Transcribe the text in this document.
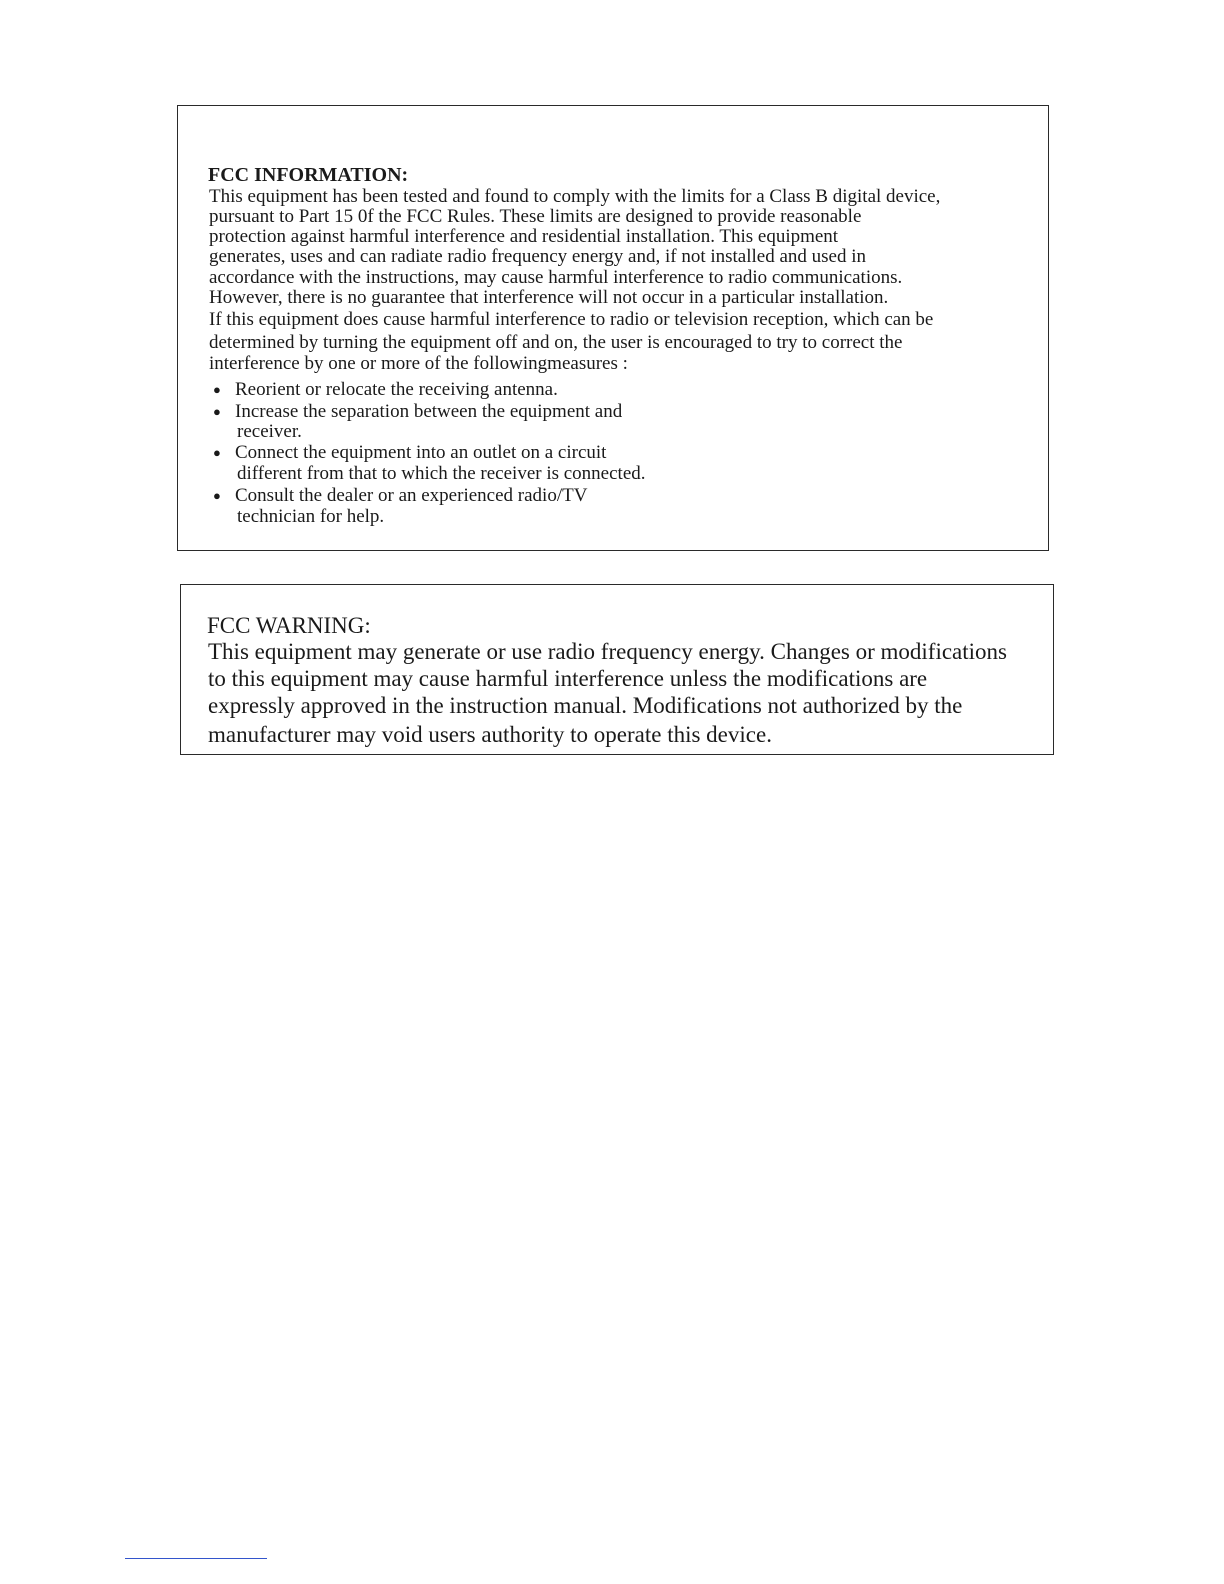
FCC INFORMATION:

This equipment has been tested and found to comply with the limits for a Class B digital device,

pursuant to Part 15 0f the FCC Rules. These limits are designed to provide reasonable

protection against harmful interference and residential installation. This equipment

generates, uses and can radiate radio frequency energy and, if not installed and used in

accordance with the instructions, may cause harmful interference to radio communications.

However, there is no guarantee that interference will not occur in a particular installation.

If this equipment does cause harmful interference to radio or television reception, which can be

determined by turning the equipment off and on, the user is encouraged to try to correct the

interference by one or more of the followingmeasures :

● Reorient or relocate the receiving antenna.
● Increase the separation between the equipment and
receiver.
● Connect the equipment into an outlet on a circuit
different from that to which the receiver is connected.
● Consult the dealer or an experienced radio/TV
technician for help.
FCC WARNING:

This equipment may generate or use radio frequency energy. Changes or modifications

to this equipment may cause harmful interference unless the modifications are

expressly approved in the instruction manual. Modifications not authorized by the

manufacturer may void users authority to operate this device.
